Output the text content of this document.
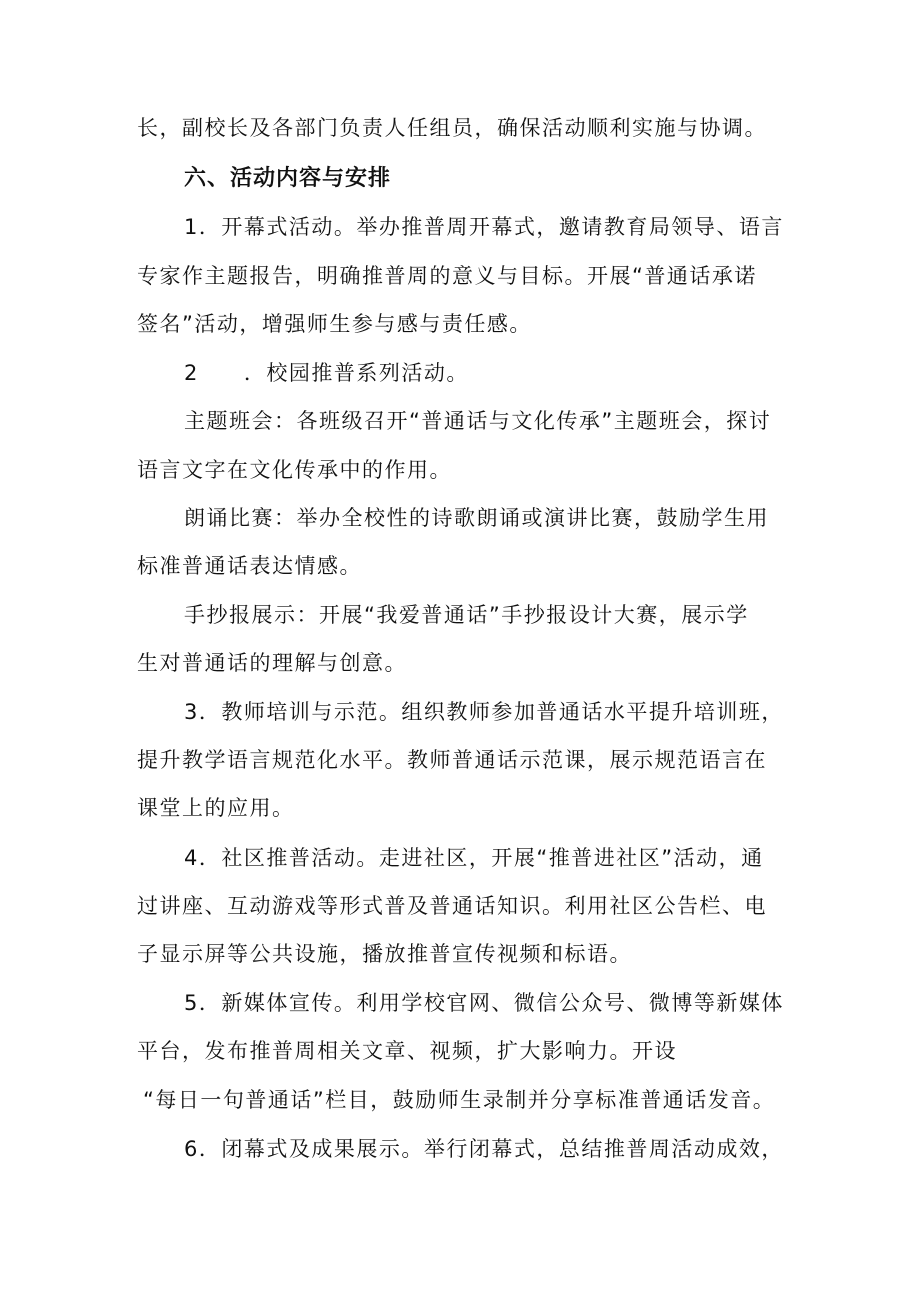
长，副校长及各部门负责人任组员，确保活动顺利实施与协调。
六、活动内容与安排
1．开幕式活动。举办推普周开幕式，邀请教育局领导、语言
专家作主题报告，明确推普周的意义与目标。开展“普通话承诺
签名”活动，增强师生参与感与责任感。
2　　．校园推普系列活动。
主题班会：各班级召开“普通话与文化传承”主题班会，探讨
语言文字在文化传承中的作用。
朗诵比赛：举办全校性的诗歌朗诵或演讲比赛，鼓励学生用
标准普通话表达情感。
手抄报展示：开展“我爱普通话”手抄报设计大赛，展示学
生对普通话的理解与创意。
3．教师培训与示范。组织教师参加普通话水平提升培训班，
提升教学语言规范化水平。教师普通话示范课，展示规范语言在
课堂上的应用。
4．社区推普活动。走进社区，开展“推普进社区”活动，通
过讲座、互动游戏等形式普及普通话知识。利用社区公告栏、电
子显示屏等公共设施，播放推普宣传视频和标语。
5．新媒体宣传。利用学校官网、微信公众号、微博等新媒体
平台，发布推普周相关文章、视频，扩大影响力。开设
“每日一句普通话”栏目，鼓励师生录制并分享标准普通话发音。
6．闭幕式及成果展示。举行闭幕式，总结推普周活动成效，
